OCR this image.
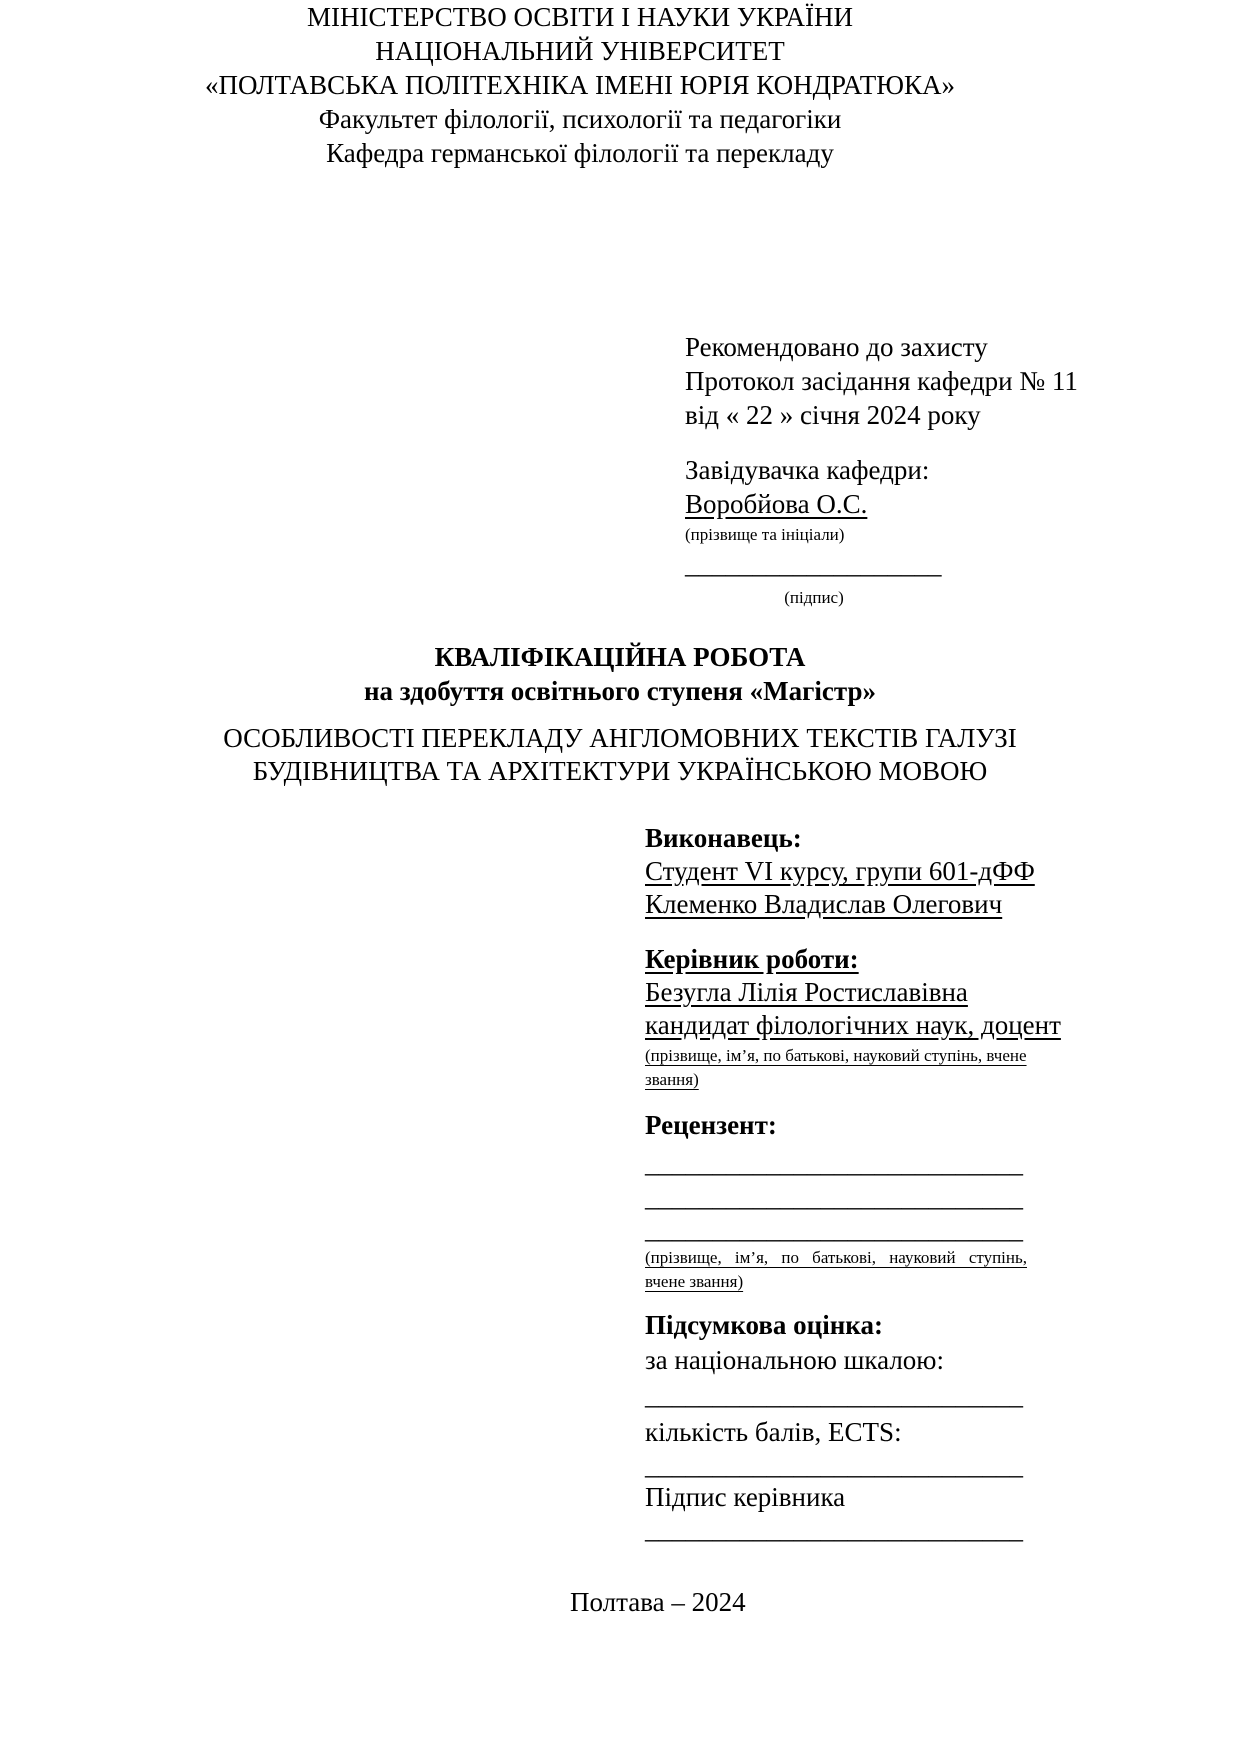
МІНІСТЕРСТВО ОСВІТИ І НАУКИ УКРАЇНИ
НАЦІОНАЛЬНИЙ УНІВЕРСИТЕТ
«ПОЛТАВСЬКА ПОЛІТЕХНІКА ІМЕНІ ЮРІЯ КОНДРАТЮКА»
Факультет філології, психології та педагогіки
Кафедра германської філології та перекладу
Рекомендовано до захисту
Протокол засідання кафедри № 11
від « 22 » січня 2024 року
Завідувачка кафедри:
Воробйова О.С.
(прізвище та ініціали)
___________________
(підпис)
КВАЛІФІКАЦІЙНА РОБОТА
на здобуття освітнього ступеня «Магістр»
ОСОБЛИВОСТІ ПЕРЕКЛАДУ АНГЛОМОВНИХ ТЕКСТІВ ГАЛУЗІ
БУДІВНИЦТВА ТА АРХІТЕКТУРИ УКРАЇНСЬКОЮ МОВОЮ
Виконавець:
Студент VI курсу, групи 601-дФФ
Клеменко Владислав Олегович
Керівник роботи:
Безугла Лілія Ростиславівна
кандидат філологічних наук, доцент
(прізвище, ім’я, по батькові, науковий ступінь, вчене
звання)
Рецензент:
____________________________
____________________________
____________________________
(прізвище, ім’я, по батькові, науковий ступінь,
вчене звання)
Підсумкова оцінка:
за національною шкалою:
____________________________
кількість балів, ECTS:
____________________________
Підпис керівника
____________________________
Полтава – 2024
